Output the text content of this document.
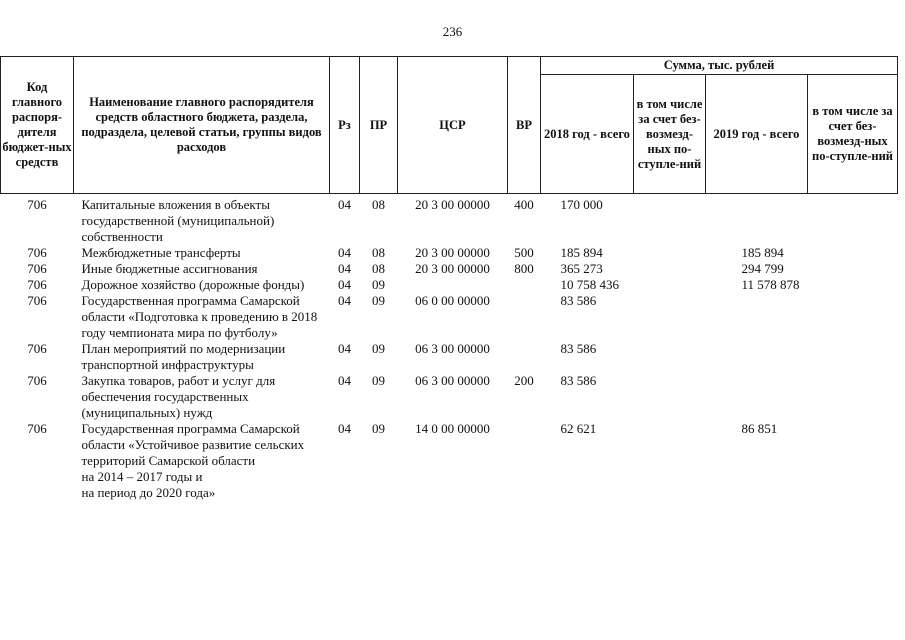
236
Код главного распоря-дителя бюджет-ных средств	Наименование главного распорядителя средств областного бюджета, раздела, подраздела, целевой статьи, группы видов расходов	Рз	ПР	ЦСР	ВР	Сумма, тыс. рублей			
						2018 год - всего	в том числе за счет без-возмезд-ных по-ступле-ний	2019 год - всего	в том числе за счет без-возмезд-ных по-ступле-ний
706	Капитальные вложения в объекты государственной (муниципальной) собственности	04	08	20 3 00 00000	400	170 000			
706	Межбюджетные трансферты	04	08	20 3 00 00000	500	185 894		185 894	
706	Иные бюджетные ассигнования	04	08	20 3 00 00000	800	365 273		294 799	
706	Дорожное хозяйство (дорожные фонды)	04	09			10 758 436		11 578 878	
706	Государственная программа Самарской области «Подготовка к проведению в 2018 году чемпионата мира по футболу»	04	09	06 0 00 00000		83 586			
706	План мероприятий по модернизации транспортной инфраструктуры	04	09	06 3 00 00000		83 586			
706	Закупка товаров, работ и услуг для обеспечения государственных (муниципальных) нужд	04	09	06 3 00 00000	200	83 586			
706	Государственная программа Самарской области «Устойчивое развитие сельских территорий Самарской области
на 2014 – 2017 годы и
на период до 2020 года»	04	09	14 0 00 00000		62 621		86 851	
